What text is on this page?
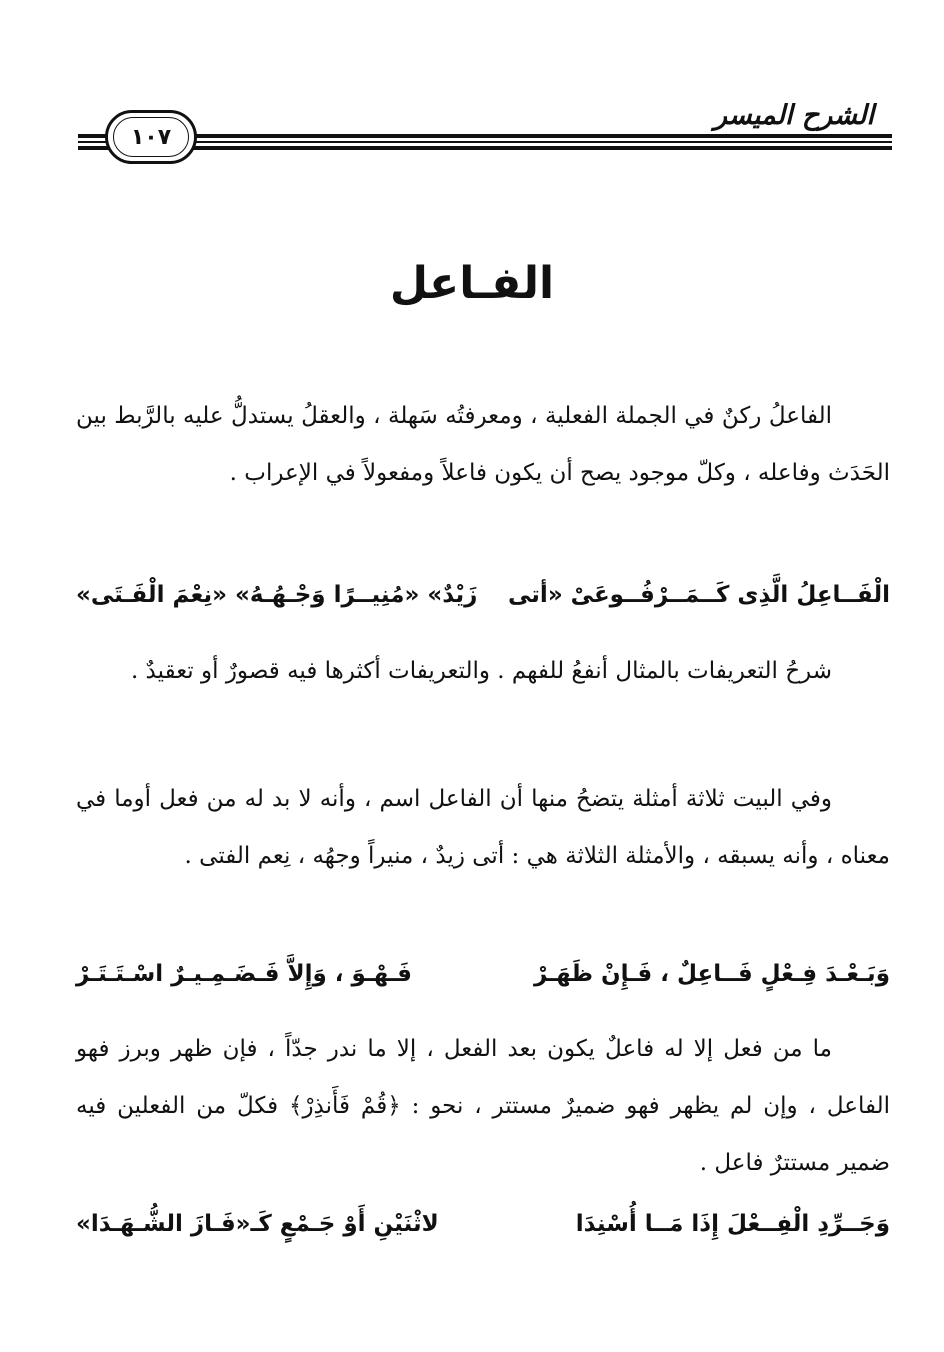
الشرح الميسر
١٠٧
الفـاعل

الفاعلُ ركنٌ في الجملة الفعلية ، ومعرفتُه سَهلة ، والعقلُ يستدلُّ عليه بالرَّبط بين الحَدَث وفاعله ، وكلّ موجود يصح أن يكون فاعلاً ومفعولاً في الإعراب .

الْفَــاعِلُ الَّذِى كَــمَــرْفُــوعَىْ «أتى
زَيْدٌ» «مُنِيــرًا وَجْـهُـهُ» «نِعْمَ الْفَـتَى»

شرحُ التعريفات بالمثال أنفعُ للفهم . والتعريفات أكثرها فيه قصورٌ أو تعقيدٌ .

وفي البيت ثلاثة أمثلة يتضحُ منها أن الفاعل اسم ، وأنه لا بد له من فعل أوما في معناه ، وأنه يسبقه ، والأمثلة الثلاثة هي : أتى زيدٌ ، منيراً وجهُه ، نِعم الفتى .

وَبَـعْـدَ فِـعْلٍ فَــاعِلٌ ، فَـإِنْ ظَهَـرْ
فَـهْـوَ ، وَإِلاَّ فَـضَـمِـيـرٌ اسْـتَـتَـرْ

ما من فعل إلا له فاعلٌ يكون بعد الفعل ، إلا ما ندر جدّاً ، فإن ظهر وبرز فهو الفاعل ، وإن لم يظهر فهو ضميرٌ مستتر ، نحو : ﴿قُمْ فَأَنذِرْ﴾ فكلّ من الفعلين فيه ضمير مستترٌ فاعل .

وَجَــرِّدِ الْفِــعْلَ إِذَا مَــا أُسْنِدَا
لاثْنَيْنِ أَوْ جَـمْعٍ كَـ«فَـازَ الشُّـهَـدَا»
